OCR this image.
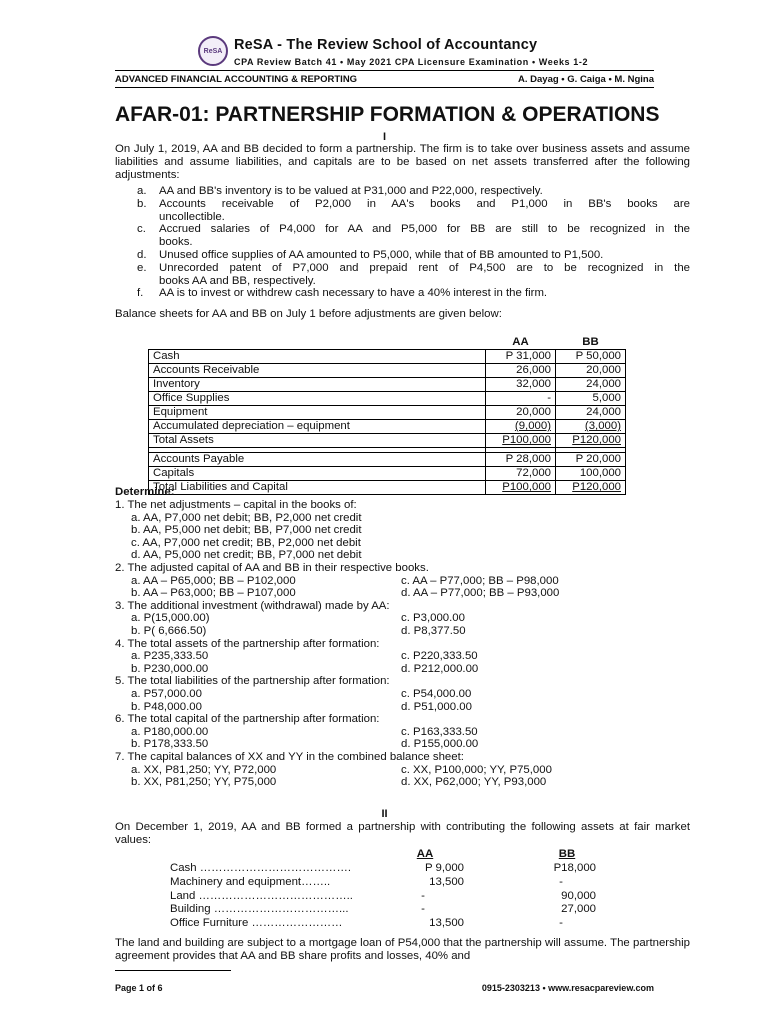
ReSA ReSA - The Review School of Accountancy
CPA Review Batch 41 • May 2021 CPA Licensure Examination • Weeks 1-2
ADVANCED FINANCIAL ACCOUNTING & REPORTING	A. Dayag • G. Caiga • M. Ngina
AFAR-01: PARTNERSHIP FORMATION & OPERATIONS
I
On July 1, 2019, AA and BB decided to form a partnership. The firm is to take over business assets and assume liabilities and assume liabilities, and capitals are to be based on net assets transferred after the following adjustments:
a.	AA and BB's inventory is to be valued at P31,000 and P22,000, respectively.
b.	Accounts receivable of P2,000 in AA's books and P1,000 in BB's books are
uncollectible.
c.	Accrued salaries of P4,000 for AA and P5,000 for BB are still to be recognized in the
books.
d.	Unused office supplies of AA amounted to P5,000, while that of BB amounted to P1,500.
e.	Unrecorded patent of P7,000 and prepaid rent of P4,500 are to be recognized in the
books AA and BB, respectively.
f.	AA is to invest or withdrew cash necessary to have a 40% interest in the firm.
Balance sheets for AA and BB on July 1 before adjustments are given below:
	AA	BB
Cash	P 31,000	P 50,000
Accounts Receivable	26,000	20,000
Inventory	32,000	24,000
Office Supplies	-	5,000
Equipment	20,000	24,000
Accumulated depreciation – equipment	(9,000)	(3,000)
Total Assets	P100,000	P120,000

Accounts Payable	P 28,000	P 20,000
Capitals	72,000	100,000
Total Liabilities and Capital	P100,000	P120,000
Determine:
1. The net adjustments – capital in the books of:
a. AA, P7,000 net debit; BB, P2,000 net credit
b. AA, P5,000 net debit; BB, P7,000 net credit
c. AA, P7,000 net credit; BB, P2,000 net debit
d. AA, P5,000 net credit; BB, P7,000 net debit
2. The adjusted capital of AA and BB in their respective books.
a. AA – P65,000; BB – P102,000	c. AA – P77,000; BB – P98,000
b. AA – P63,000; BB – P107,000	d. AA – P77,000; BB – P93,000
3. The additional investment (withdrawal) made by AA:
a. P(15,000.00)	c. P3,000.00
b. P( 6,666.50)	d. P8,377.50
4. The total assets of the partnership after formation:
a. P235,333.50	c. P220,333.50
b. P230,000.00	d. P212,000.00
5. The total liabilities of the partnership after formation:
a. P57,000.00	c. P54,000.00
b. P48,000.00	d. P51,000.00
6. The total capital of the partnership after formation:
a. P180,000.00	c. P163,333.50
b. P178,333.50	d. P155,000.00
7. The capital balances of XX and YY in the combined balance sheet:
a. XX, P81,250; YY, P72,000	c. XX, P100,000; YY, P75,000
b. XX, P81,250; YY, P75,000	d. XX, P62,000; YY, P93,000
II
On December 1, 2019, AA and BB formed a partnership with contributing the following assets at fair market values:
AA	BB
Cash ………………………………….	P 9,000	P18,000
Machinery and equipment……..	13,500	-
Land …………………………………..	-	90,000
Building ……………………………...	-	27,000
Office Furniture ……………………	13,500	-
The land and building are subject to a mortgage loan of P54,000 that the partnership will assume. The partnership agreement provides that AA and BB share profits and losses, 40% and
Page 1 of 6	0915-2303213 • www.resacpareview.com
